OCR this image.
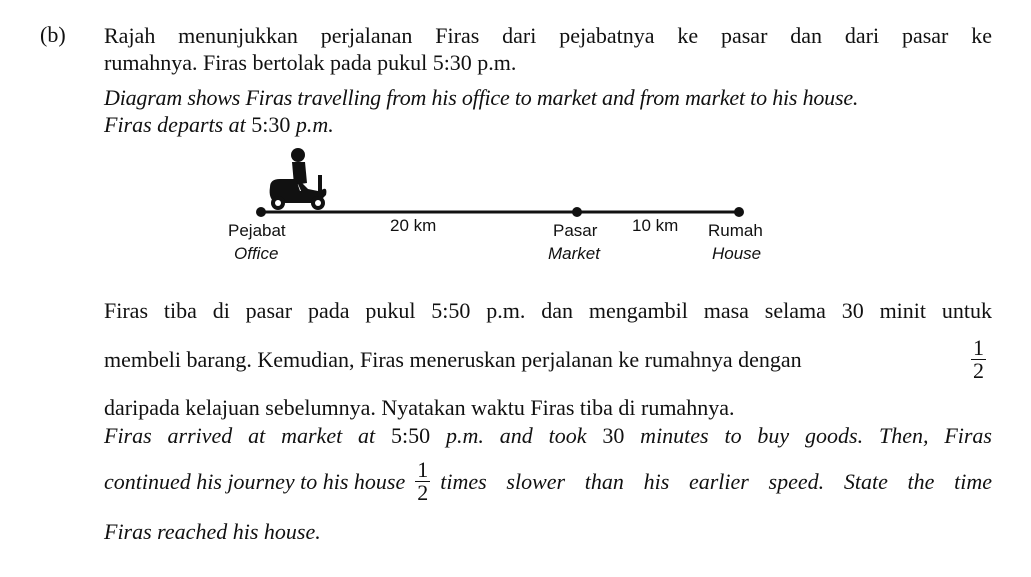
(b) Rajah menunjukkan perjalanan Firas dari pejabatnya ke pasar dan dari pasar ke
rumahnya. Firas bertolak pada pukul 5:30 p.m.
Diagram shows Firas travelling from his office to market and from market to his house.
Firas departs at 5:30 p.m.
Pejabat
Office
20 km	Pasar
Market
10 km Rumah
House
Firas tiba di pasar pada pukul 5:50 p.m. dan mengambil masa selama 30 minit untuk
membeli barang. Kemudian, Firas meneruskan perjalanan ke rumahnya dengan	$\frac{1}{2}$
daripada kelajuan sebelumnya. Nyatakan waktu Firas tiba di rumahnya.
Firas arrived at market at 5:50 p.m. and took 30 minutes to buy goods. Then, Firas
continued his journey to his house $\frac{1}{2}$ times slower than his earlier speed. State the time
Firas reached his house.
